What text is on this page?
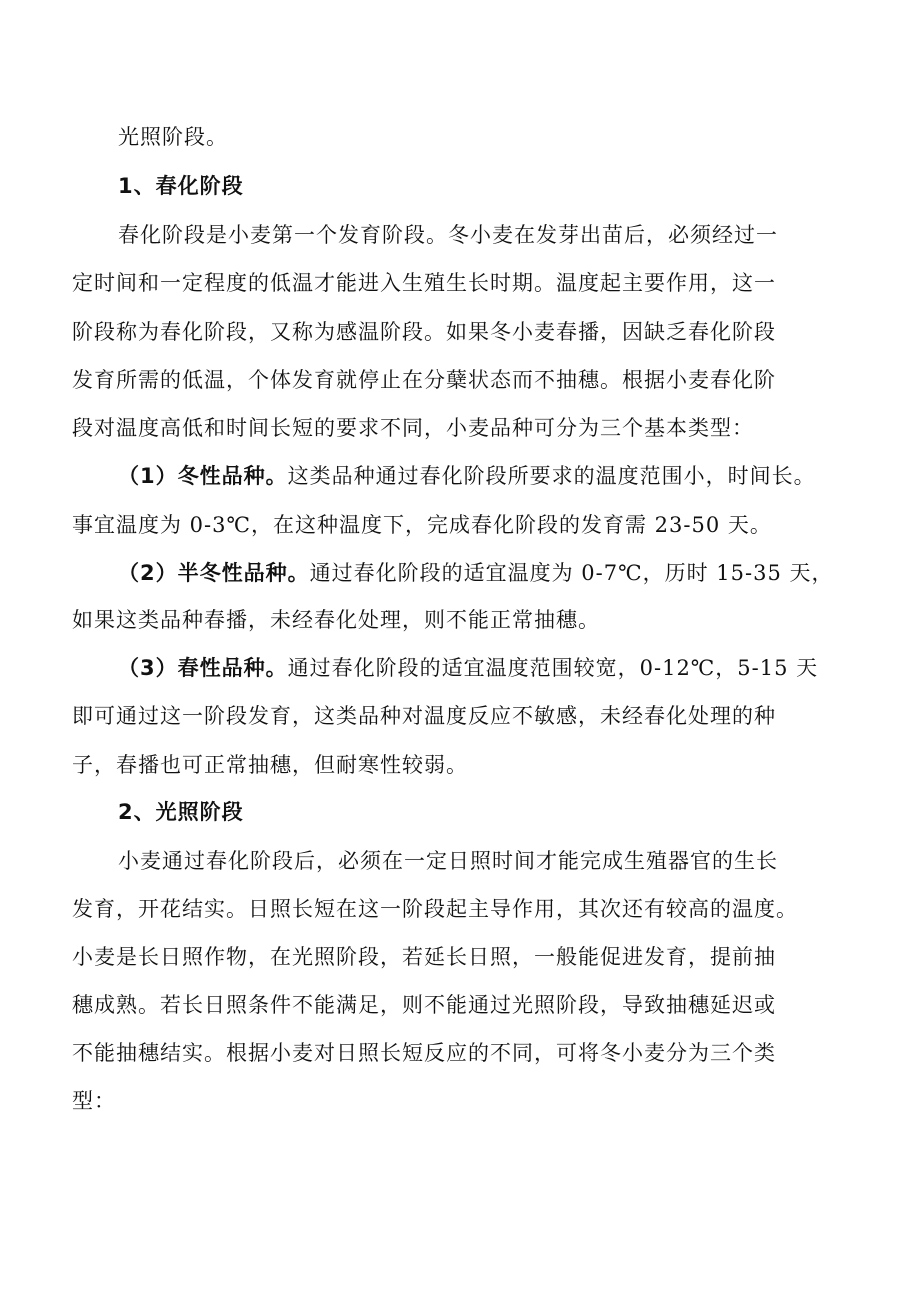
光照阶段。
1、春化阶段
春化阶段是小麦第一个发育阶段。冬小麦在发芽出苗后，必须经过一
定时间和一定程度的低温才能进入生殖生长时期。温度起主要作用，这一
阶段称为春化阶段，又称为感温阶段。如果冬小麦春播，因缺乏春化阶段
发育所需的低温，个体发育就停止在分蘖状态而不抽穗。根据小麦春化阶
段对温度高低和时间长短的要求不同，小麦品种可分为三个基本类型：
（1）冬性品种。这类品种通过春化阶段所要求的温度范围小，时间长。
事宜温度为 0-3℃，在这种温度下，完成春化阶段的发育需 23-50 天。
（2）半冬性品种。通过春化阶段的适宜温度为 0-7℃，历时 15-35 天，
如果这类品种春播，未经春化处理，则不能正常抽穗。
（3）春性品种。通过春化阶段的适宜温度范围较宽，0-12℃，5-15 天
即可通过这一阶段发育，这类品种对温度反应不敏感，未经春化处理的种
子，春播也可正常抽穗，但耐寒性较弱。
2、光照阶段
小麦通过春化阶段后，必须在一定日照时间才能完成生殖器官的生长
发育，开花结实。日照长短在这一阶段起主导作用，其次还有较高的温度。
小麦是长日照作物，在光照阶段，若延长日照，一般能促进发育，提前抽
穗成熟。若长日照条件不能满足，则不能通过光照阶段，导致抽穗延迟或
不能抽穗结实。根据小麦对日照长短反应的不同，可将冬小麦分为三个类
型：
